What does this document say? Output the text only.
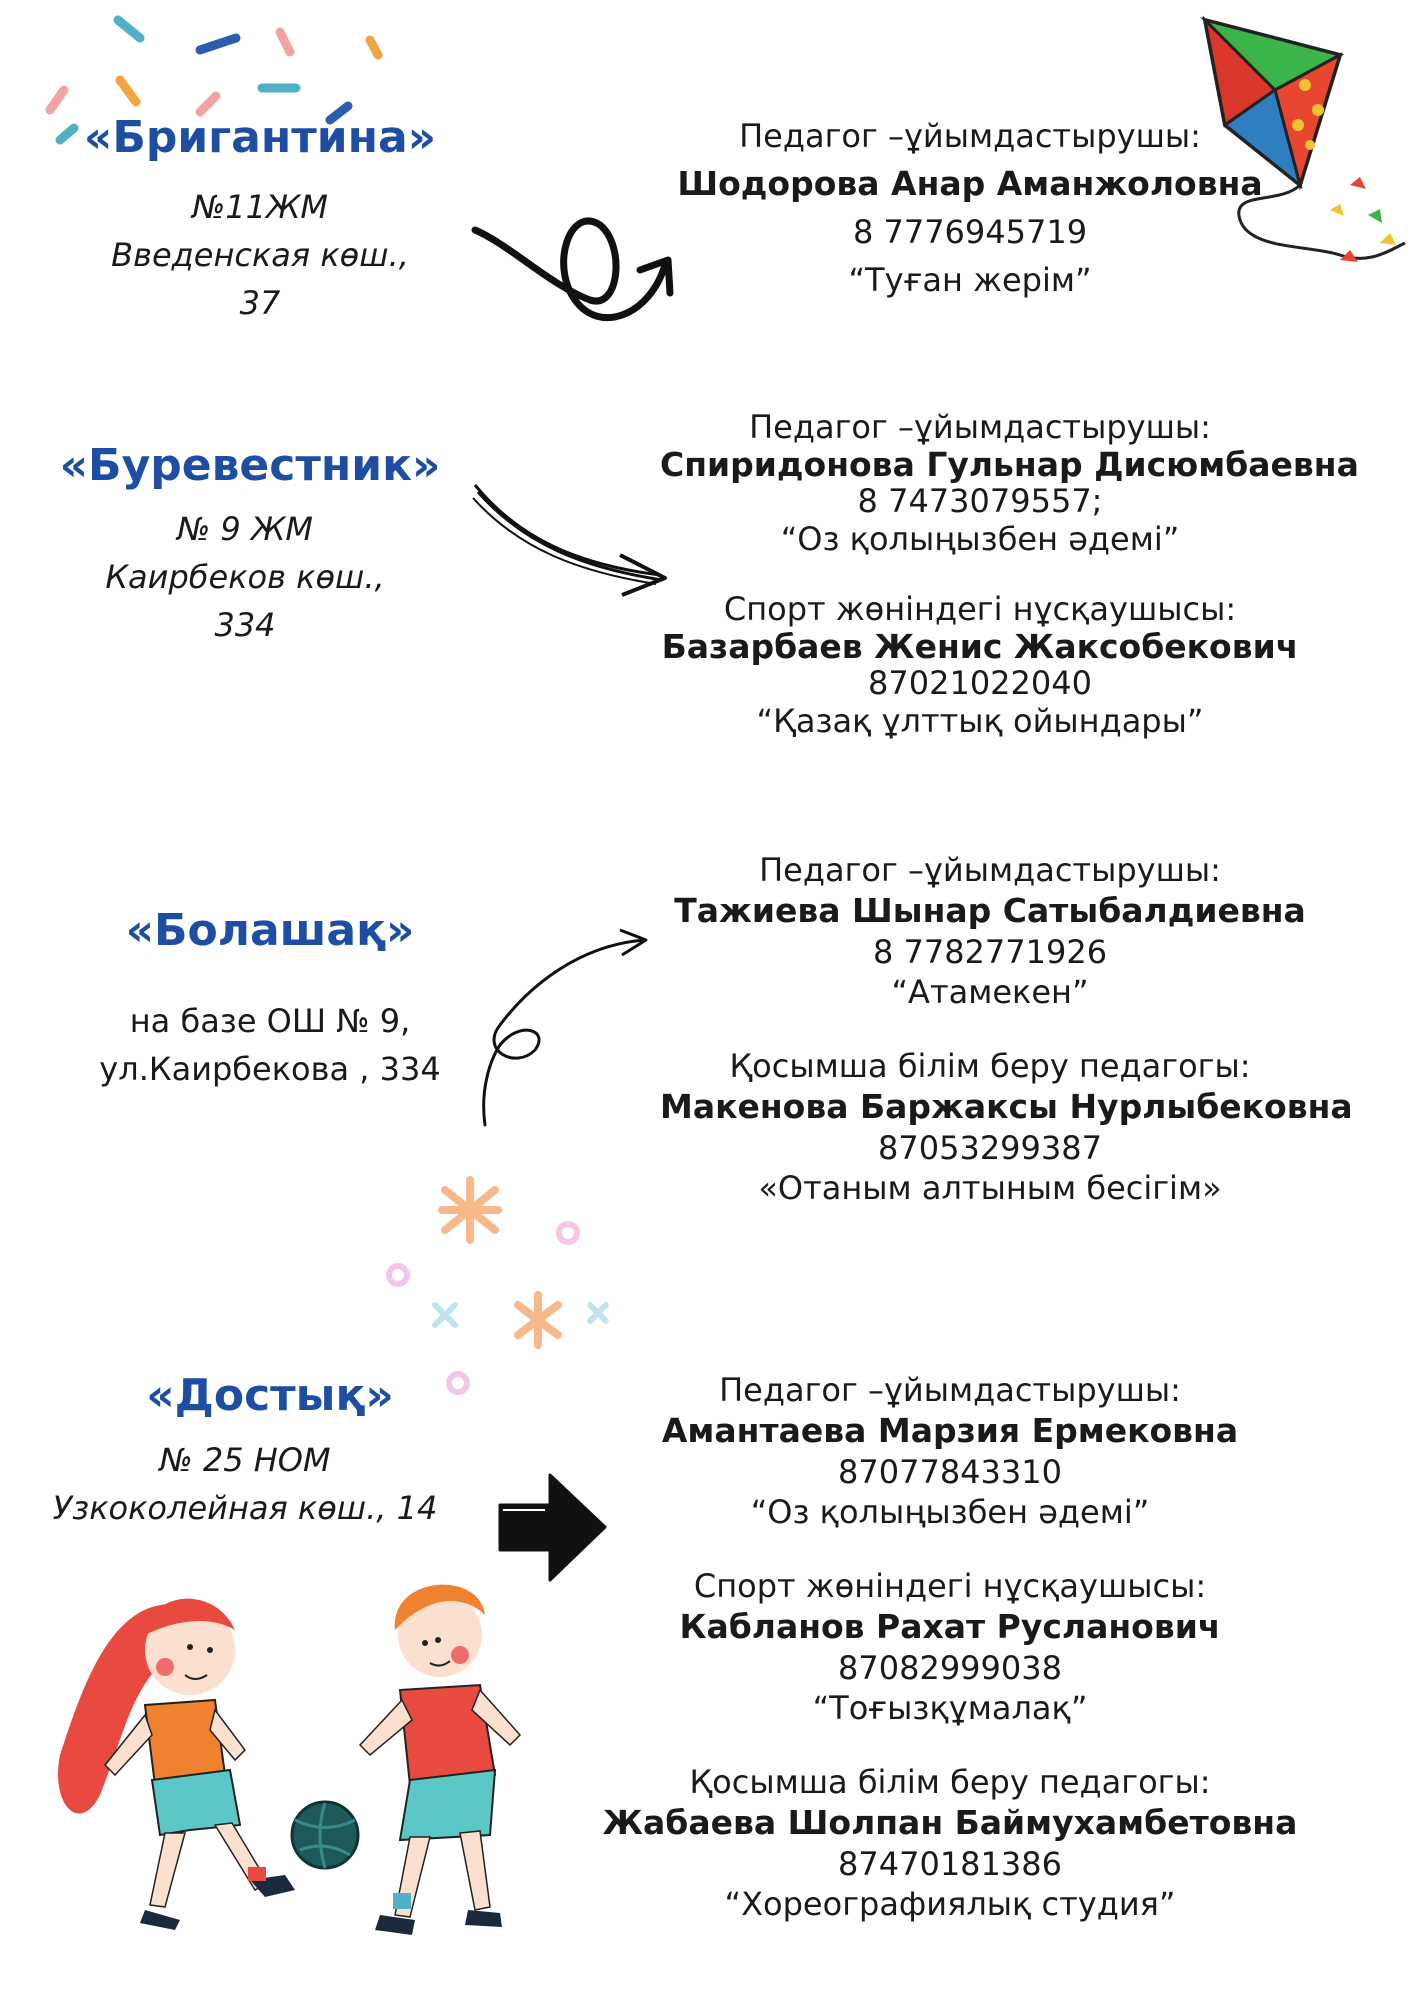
«Бригантина»
№11ЖМ
Введенская көш.,
37
Педагог –ұйымдастырушы:
Шодорова Анар Аманжоловна
8 7776945719
“Туған жерім”
«Буревестник»
№ 9 ЖМ
Каирбеков көш.,
334
Педагог –ұйымдастырушы:
Спиридонова Гульнар Дисюмбаевна
8 7473079557;
“Оз қолыңызбен әдемі”
Спорт жөніндегі нұсқаушысы:
Базарбаев Женис Жаксобекович
87021022040
“Қазақ ұлттық ойындары”
«Болашақ»
на базе ОШ № 9,
ул.Каирбекова , 334
Педагог –ұйымдастырушы:
Тажиева Шынар Сатыбалдиевна
8 7782771926
“Атамекен”
Қосымша білім беру педагогы:
Макенова Баржаксы Нурлыбековна
87053299387
«Отаным алтыным бесігім»
«Достық»
№ 25 НОМ
Узкоколейная көш., 14
Педагог –ұйымдастырушы:
Амантаева Марзия Ермековна
87077843310
“Оз қолыңызбен әдемі”
Спорт жөніндегі нұсқаушысы:
Кабланов Рахат Русланович
87082999038
“Тоғызқұмалақ”
Қосымша білім беру педагогы:
Жабаева Шолпан Баймухамбетовна
87470181386
“Хореографиялық студия”
